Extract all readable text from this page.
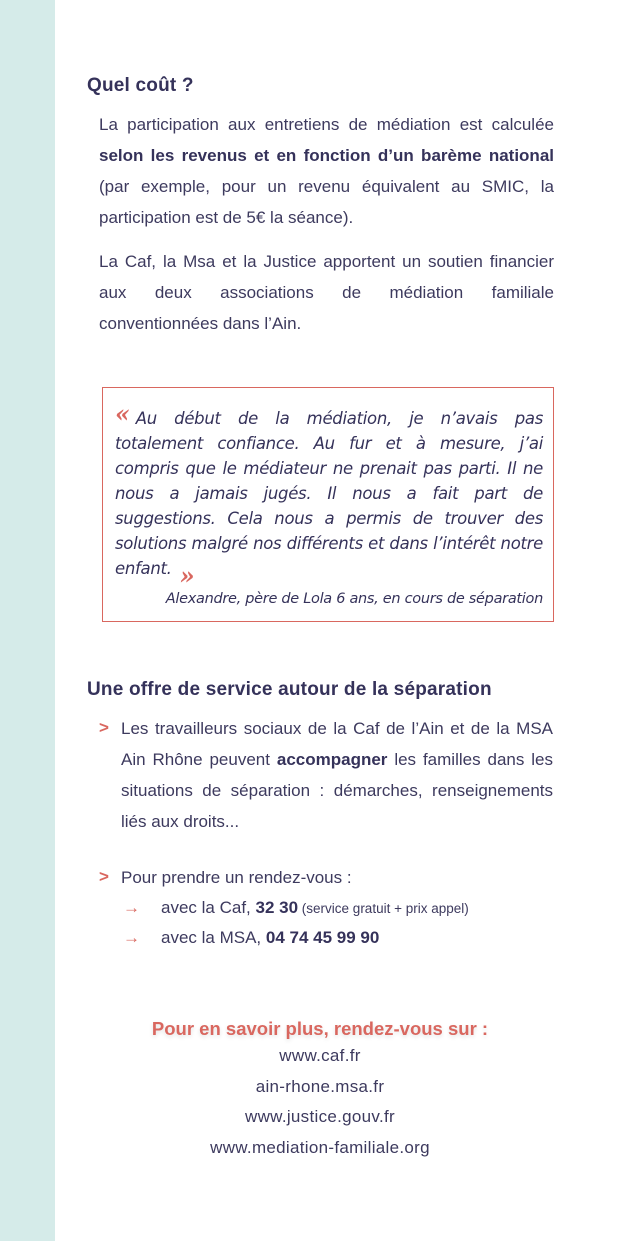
Quel coût ?

La participation aux entretiens de médiation est calculée selon les revenus et en fonction d’un barème national (par exemple, pour un revenu équivalent au SMIC, la participation est de 5€ la séance).

La Caf, la Msa et la Justice apportent un soutien financier aux deux associations de médiation familiale conventionnées dans l’Ain.

« Au début de la médiation, je n’avais pas totalement confiance. Au fur et à mesure, j’ai compris que le médiateur ne prenait pas parti. Il ne nous a jamais jugés. Il nous a fait part de suggestions. Cela nous a permis de trouver des solutions malgré nos différents et dans l’intérêt notre enfant. »

Alexandre, père de Lola 6 ans, en cours de séparation

Une offre de service autour de la séparation
> Les travailleurs sociaux de la Caf de l’Ain et de la MSA Ain Rhône peuvent accompagner les familles dans les situations de séparation : démarches, renseignements liés aux droits...

> Pour prendre un rendez-vous :

→ avec la Caf, 32 30 (service gratuit + prix appel)
→ avec la MSA, 04 74 45 99 90

Pour en savoir plus, rendez-vous sur :

www.caf.fr

ain-rhone.msa.fr

www.justice.gouv.fr

www.mediation-familiale.org
